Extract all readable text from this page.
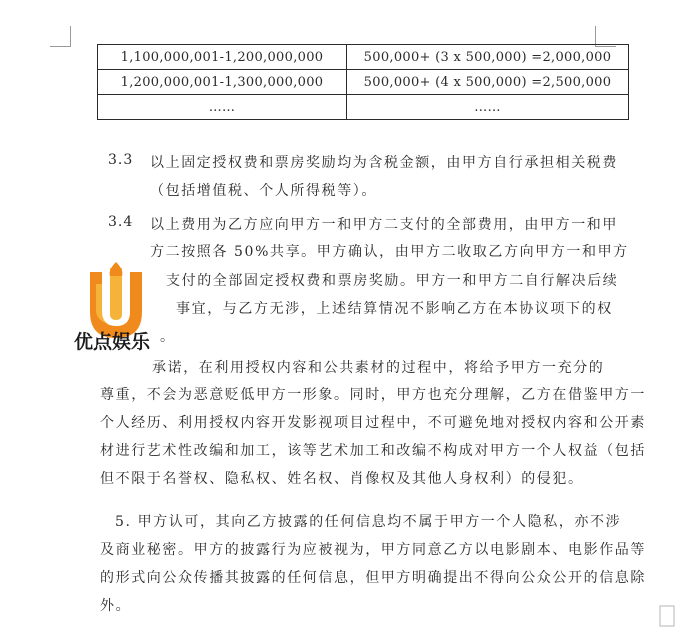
1,100,000,001-1,200,000,000	500,000+ (3 x 500,000) =2,000,000
1,200,000,001-1,300,000,000	500,000+ (4 x 500,000) =2,500,000
……	……
3.3 以上固定授权费和票房奖励均为含税金额，由甲方自行承担相关税费
（包括增值税、个人所得税等）。
3.4 以上费用为乙方应向甲方一和甲方二支付的全部费用，由甲方一和甲
方二按照各 50%共享。甲方确认，由甲方二收取乙方向甲方一和甲方
支付的全部固定授权费和票房奖励。甲方一和甲方二自行解决后续
事宜，与乙方无涉，上述结算情况不影响乙方在本协议项下的权
。
承诺，在利用授权内容和公共素材的过程中，将给予甲方一充分的
尊重，不会为恶意贬低甲方一形象。同时，甲方也充分理解，乙方在借鉴甲方一
个人经历、利用授权内容开发影视项目过程中，不可避免地对授权内容和公开素
材进行艺术性改编和加工，该等艺术加工和改编不构成对甲方一个人权益（包括
但不限于名誉权、隐私权、姓名权、肖像权及其他人身权利）的侵犯。
5. 甲方认可，其向乙方披露的任何信息均不属于甲方一个人隐私，亦不涉
及商业秘密。甲方的披露行为应被视为，甲方同意乙方以电影剧本、电影作品等
的形式向公众传播其披露的任何信息，但甲方明确提出不得向公众公开的信息除
外。
优点娱乐
